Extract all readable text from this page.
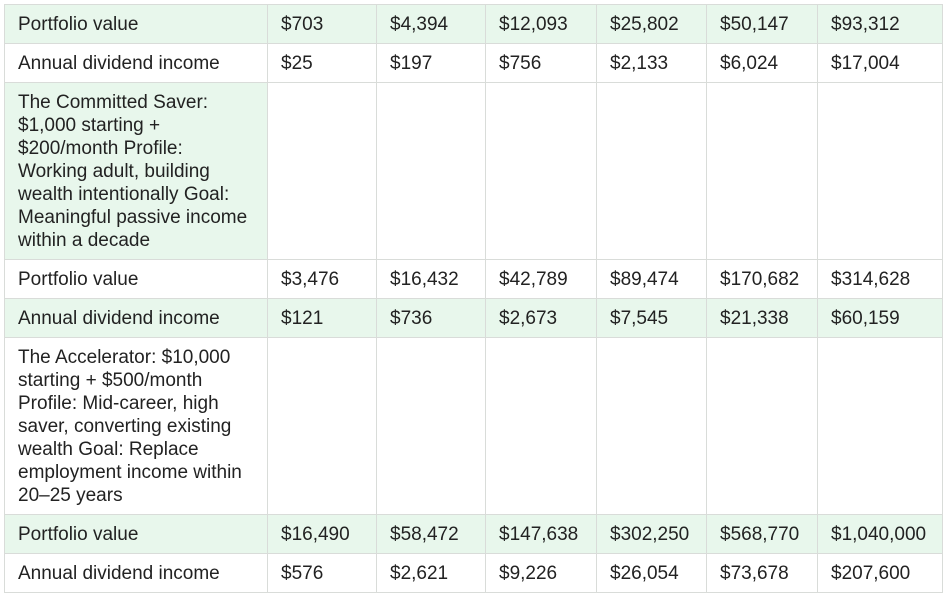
Portfolio value	$703	$4,394	$12,093	$25,802	$50,147	$93,312
Annual dividend income	$25	$197	$756	$2,133	$6,024	$17,004
The Committed Saver: $1,000 starting + $200/month Profile: Working adult, building wealth intentionally Goal: Meaningful passive income within a decade						
Portfolio value	$3,476	$16,432	$42,789	$89,474	$170,682	$314,628
Annual dividend income	$121	$736	$2,673	$7,545	$21,338	$60,159
The Accelerator: $10,000 starting + $500/month Profile: Mid-career, high saver, converting existing wealth Goal: Replace employment income within 20–25 years						
Portfolio value	$16,490	$58,472	$147,638	$302,250	$568,770	$1,040,000
Annual dividend income	$576	$2,621	$9,226	$26,054	$73,678	$207,600
